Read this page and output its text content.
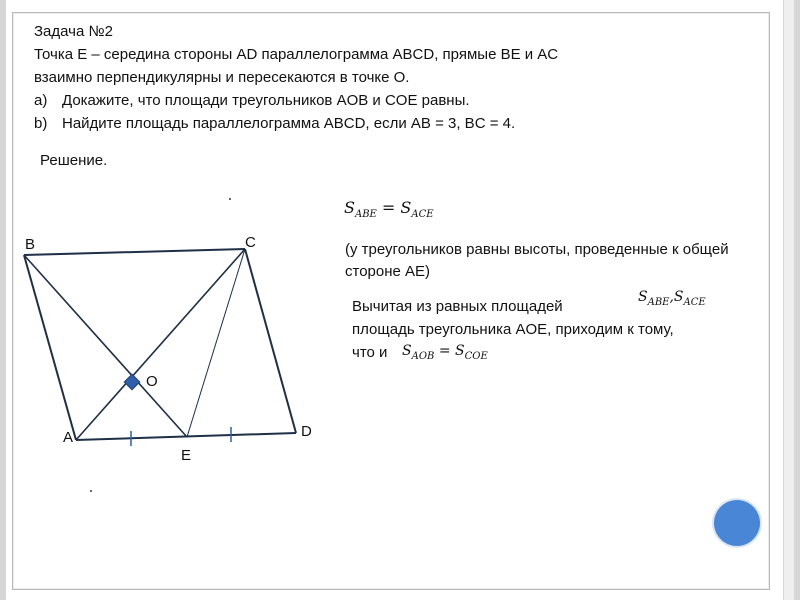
Задача №2
Точка Е – середина стороны AD параллелограмма ABCD, прямые BE и AC
взаимно перпендикулярны и пересекаются в точке О.
a) Докажите, что площади треугольников AOB и COE равны.
b) Найдите площадь параллелограмма ABCD, если AB = 3, BC = 4.
Решение.
$S_{ABE} = S_{ACE}$
(у треугольников равны высоты, проведенные к общей стороне AE)
Вычитая из равных площадей
площадь треугольника AOE, приходим к тому,
что и
$S_{ABE},S_{ACE}$
$S_{AOB} = S_{COE}$
B	C
A	D
E
O
